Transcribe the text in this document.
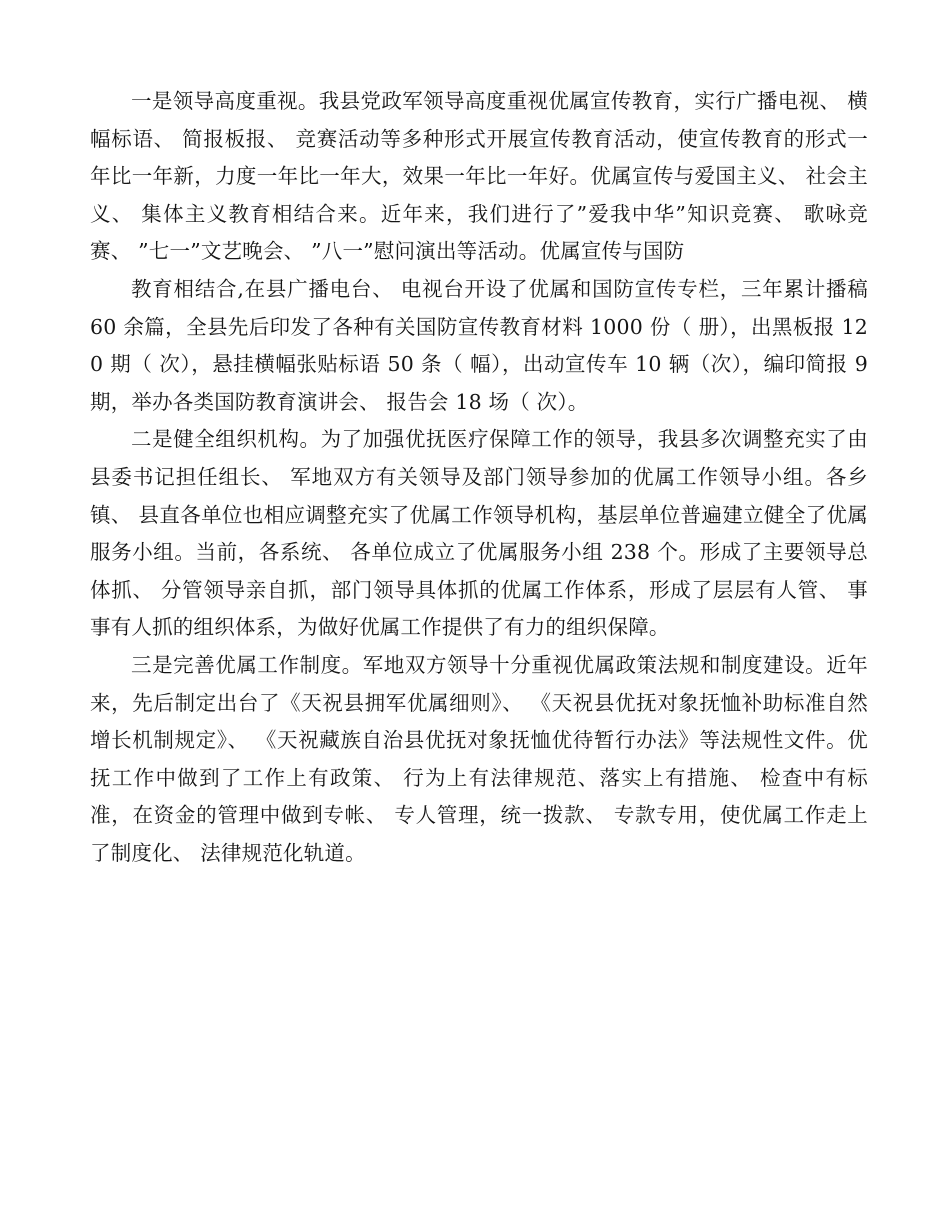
一是领导高度重视。我县党政军领导高度重视优属宣传教育，实行广播电视、 横幅标语、 简报板报、 竞赛活动等多种形式开展宣传教育活动，使宣传教育的形式一年比一年新，力度一年比一年大，效果一年比一年好。优属宣传与爱国主义、 社会主义、 集体主义教育相结合来。近年来，我们进行了”爱我中华”知识竞赛、 歌咏竞赛、 ”七一”文艺晚会、 ”八一”慰问演出等活动。优属宣传与国防

教育相结合,在县广播电台、 电视台开设了优属和国防宣传专栏，三年累计播稿 60 余篇，全县先后印发了各种有关国防宣传教育材料 1000 份（ 册），出黑板报 120 期（ 次），悬挂横幅张贴标语 50 条（ 幅），出动宣传车 10 辆（次），编印简报 9 期，举办各类国防教育演讲会、 报告会 18 场（ 次）。

二是健全组织机构。为了加强优抚医疗保障工作的领导，我县多次调整充实了由县委书记担任组长、 军地双方有关领导及部门领导参加的优属工作领导小组。各乡镇、 县直各单位也相应调整充实了优属工作领导机构，基层单位普遍建立健全了优属服务小组。当前，各系统、 各单位成立了优属服务小组 238 个。形成了主要领导总体抓、 分管领导亲自抓，部门领导具体抓的优属工作体系，形成了层层有人管、 事事有人抓的组织体系，为做好优属工作提供了有力的组织保障。

三是完善优属工作制度。军地双方领导十分重视优属政策法规和制度建设。近年来，先后制定出台了《天祝县拥军优属细则》、 《天祝县优抚对象抚恤补助标准自然增长机制规定》、 《天祝藏族自治县优抚对象抚恤优待暂行办法》等法规性文件。优抚工作中做到了工作上有政策、 行为上有法律规范、落实上有措施、 检查中有标准，在资金的管理中做到专帐、 专人管理，统一拨款、 专款专用，使优属工作走上了制度化、 法律规范化轨道。
